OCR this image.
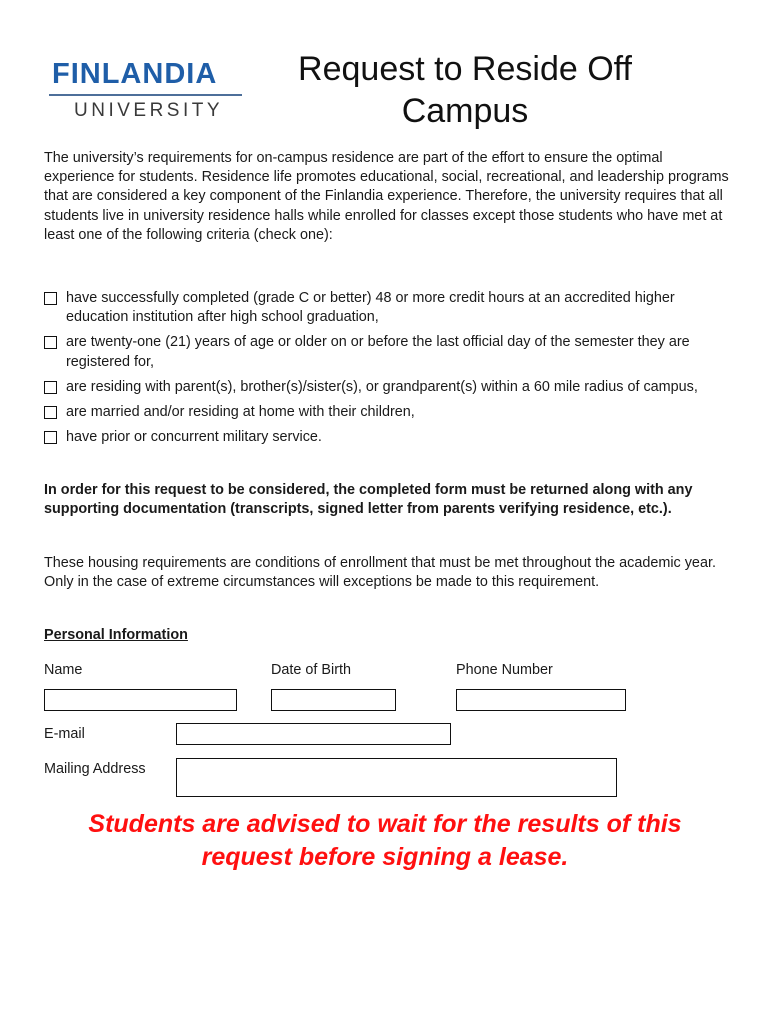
FINLANDIA
UNIVERSITY
Request to Reside Off
Campus
The university’s requirements for on-campus residence are part of the effort to ensure the optimal experience for students. Residence life promotes educational, social, recreational, and leadership programs that are considered a key component of the Finlandia experience. Therefore, the university requires that all students live in university residence halls while enrolled for classes except those students who have met at least one of the following criteria (check one):
have successfully completed (grade C or better) 48 or more credit hours at an accredited higher education institution after high school graduation,
are twenty-one (21) years of age or older on or before the last official day of the semester they are registered for,
are residing with parent(s), brother(s)/sister(s), or grandparent(s) within a 60 mile radius of campus,
are married and/or residing at home with their children,
have prior or concurrent military service.
In order for this request to be considered, the completed form must be returned along with any supporting documentation (transcripts, signed letter from parents verifying residence, etc.).
These housing requirements are conditions of enrollment that must be met throughout the academic year. Only in the case of extreme circumstances will exceptions be made to this requirement.
Personal Information
Name	Date of Birth	Phone Number
E-mail
Mailing Address
Students are advised to wait for the results of this
request before signing a lease.
